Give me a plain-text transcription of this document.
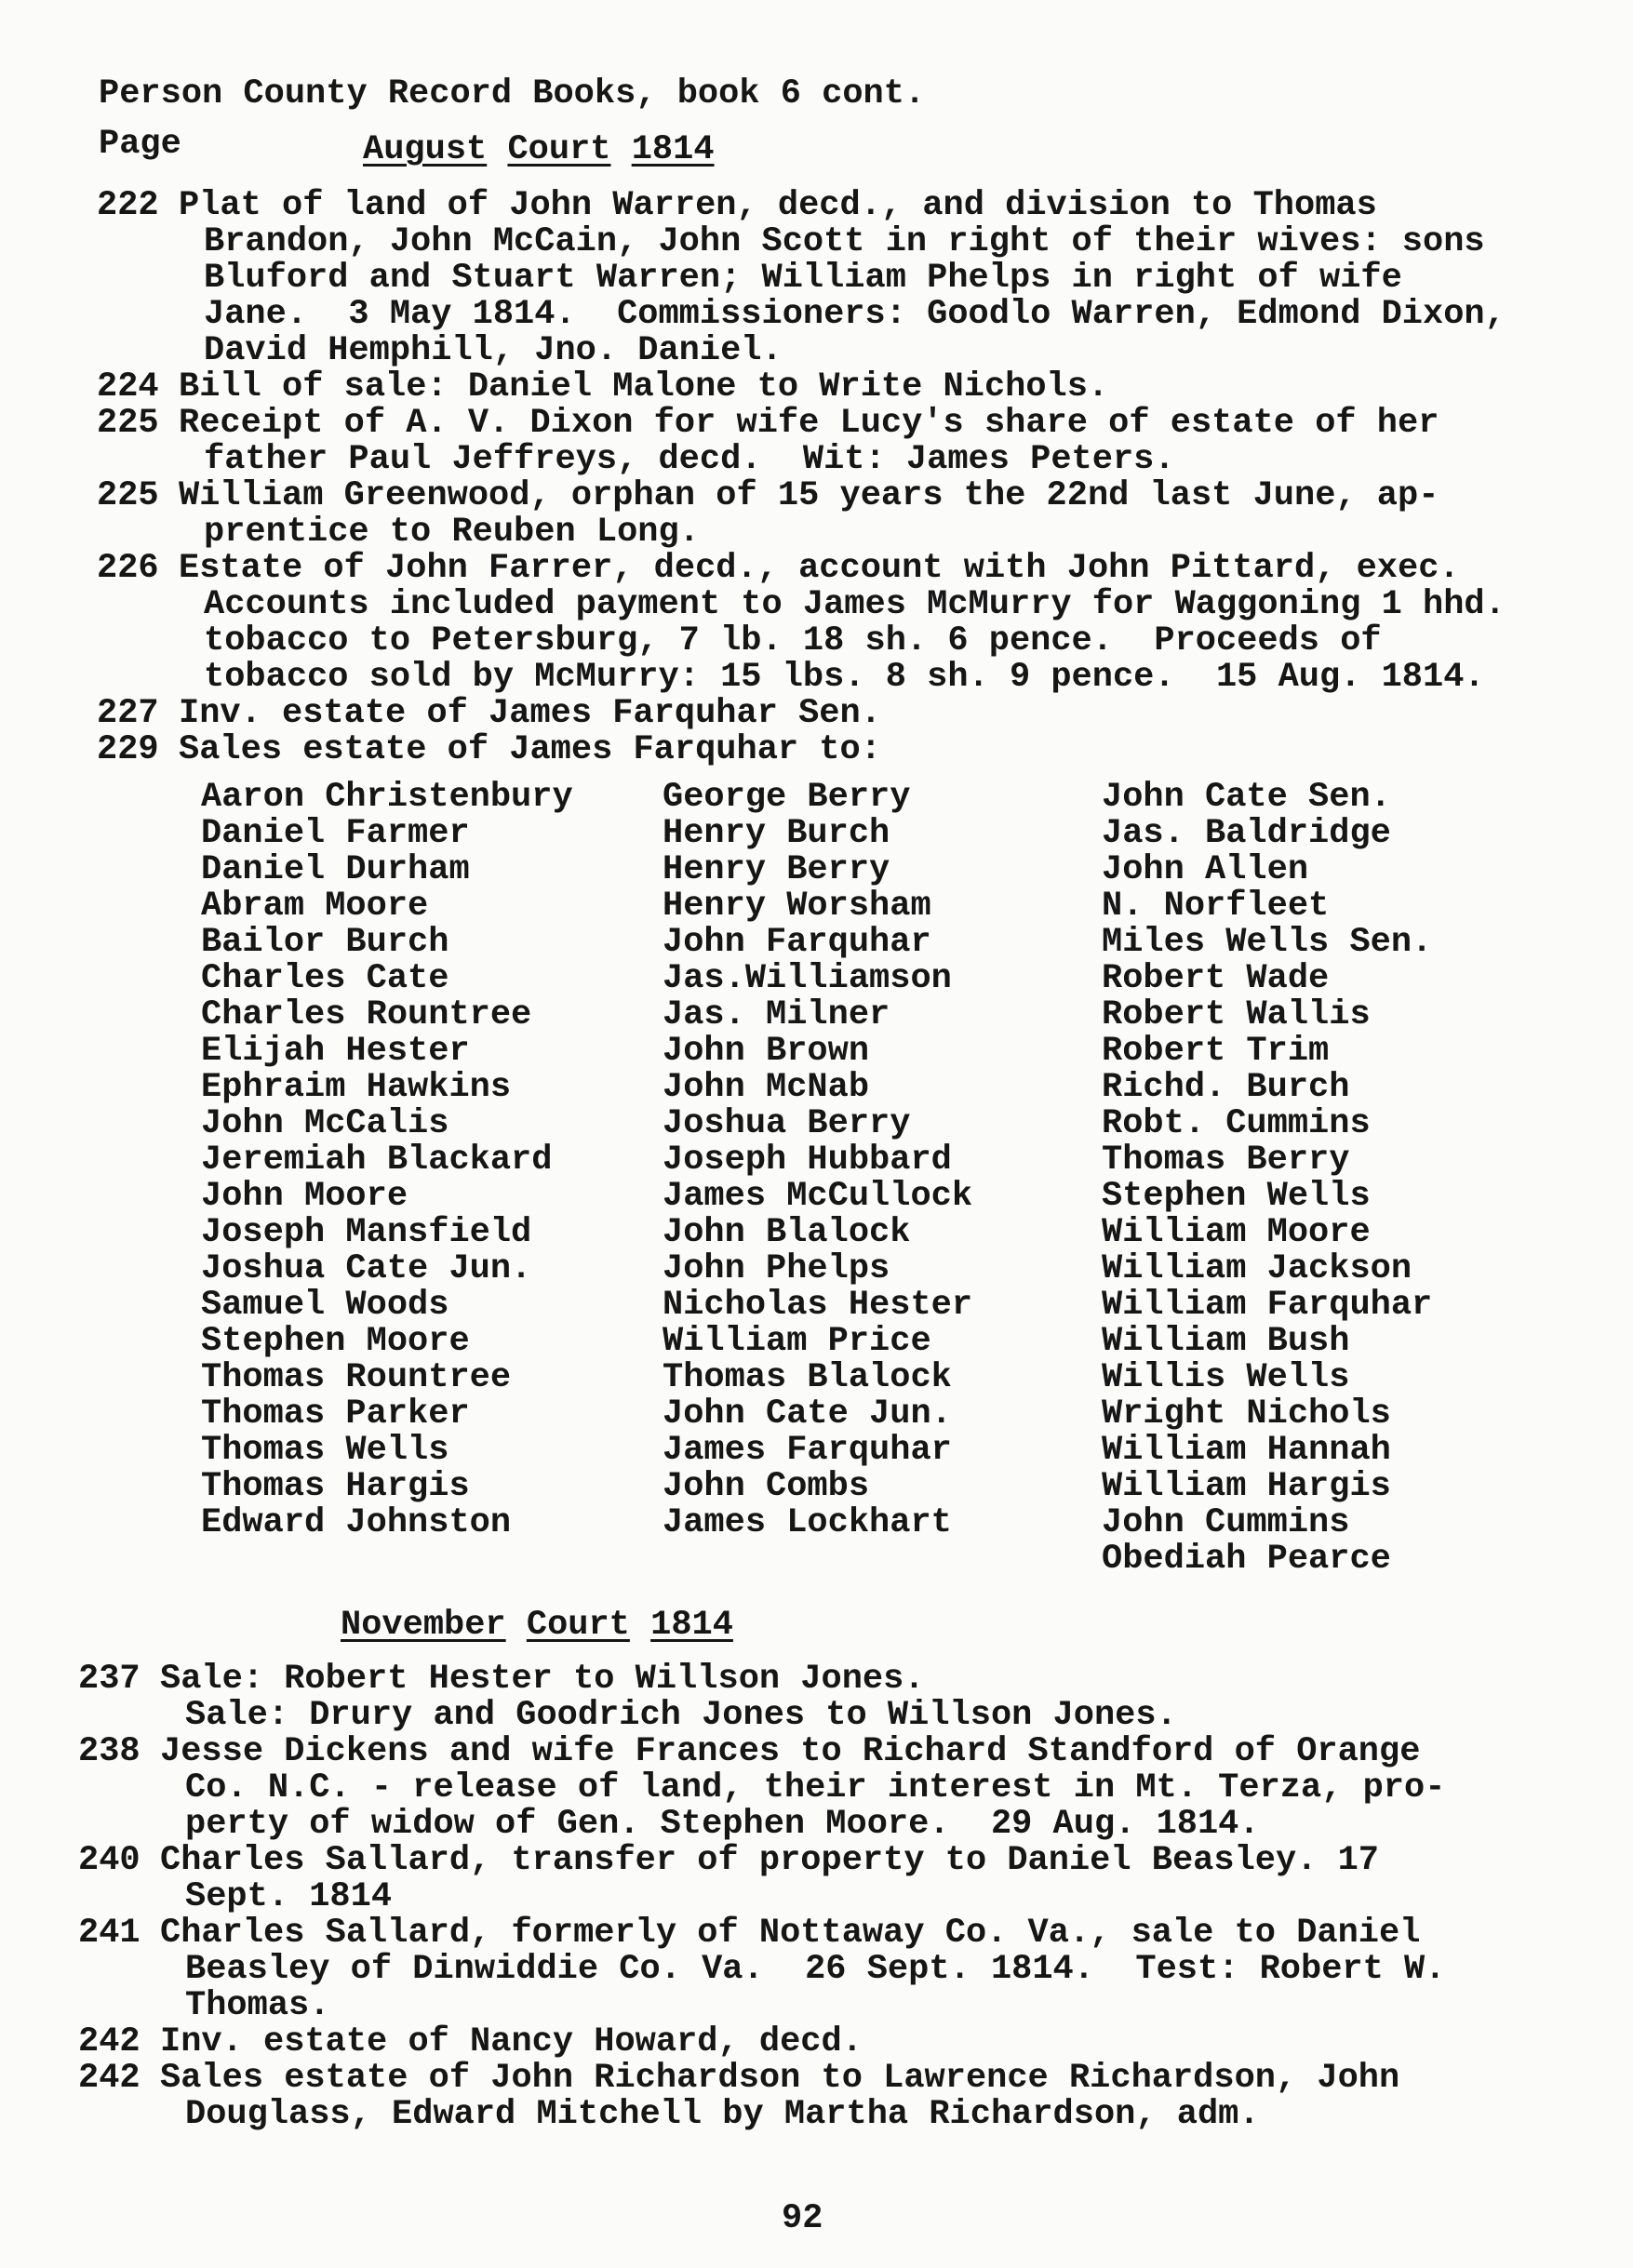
Person County Record Books, book 6 cont.
Page	August Court 1814
222 Plat of land of John Warren, decd., and division to Thomas
Brandon, John McCain, John Scott in right of their wives: sons
Bluford and Stuart Warren; William Phelps in right of wife
Jane.  3 May 1814.  Commissioners: Goodlo Warren, Edmond Dixon,
David Hemphill, Jno. Daniel.
224 Bill of sale: Daniel Malone to Write Nichols.
225 Receipt of A. V. Dixon for wife Lucy's share of estate of her
father Paul Jeffreys, decd.  Wit: James Peters.
225 William Greenwood, orphan of 15 years the 22nd last June, ap-
prentice to Reuben Long.
226 Estate of John Farrer, decd., account with John Pittard, exec.
Accounts included payment to James McMurry for Waggoning 1 hhd.
tobacco to Petersburg, 7 lb. 18 sh. 6 pence.  Proceeds of
tobacco sold by McMurry: 15 lbs. 8 sh. 9 pence.  15 Aug. 1814.
227 Inv. estate of James Farquhar Sen.
229 Sales estate of James Farquhar to:
Aaron Christenbury
Daniel Farmer
Daniel Durham
Abram Moore
Bailor Burch
Charles Cate
Charles Rountree
Elijah Hester
Ephraim Hawkins
John McCalis
Jeremiah Blackard
John Moore
Joseph Mansfield
Joshua Cate Jun.
Samuel Woods
Stephen Moore
Thomas Rountree
Thomas Parker
Thomas Wells
Thomas Hargis
Edward Johnston
George Berry
Henry Burch
Henry Berry
Henry Worsham
John Farquhar
Jas.Williamson
Jas. Milner
John Brown
John McNab
Joshua Berry
Joseph Hubbard
James McCullock
John Blalock
John Phelps
Nicholas Hester
William Price
Thomas Blalock
John Cate Jun.
James Farquhar
John Combs
James Lockhart
John Cate Sen.
Jas. Baldridge
John Allen
N. Norfleet
Miles Wells Sen.
Robert Wade
Robert Wallis
Robert Trim
Richd. Burch
Robt. Cummins
Thomas Berry
Stephen Wells
William Moore
William Jackson
William Farquhar
William Bush
Willis Wells
Wright Nichols
William Hannah
William Hargis
John Cummins
Obediah Pearce
November Court 1814
237 Sale: Robert Hester to Willson Jones.
Sale: Drury and Goodrich Jones to Willson Jones.
238 Jesse Dickens and wife Frances to Richard Standford of Orange
Co. N.C. - release of land, their interest in Mt. Terza, pro-
perty of widow of Gen. Stephen Moore.  29 Aug. 1814.
240 Charles Sallard, transfer of property to Daniel Beasley. 17
Sept. 1814
241 Charles Sallard, formerly of Nottaway Co. Va., sale to Daniel
Beasley of Dinwiddie Co. Va.  26 Sept. 1814.  Test: Robert W.
Thomas.
242 Inv. estate of Nancy Howard, decd.
242 Sales estate of John Richardson to Lawrence Richardson, John
Douglass, Edward Mitchell by Martha Richardson, adm.
92
